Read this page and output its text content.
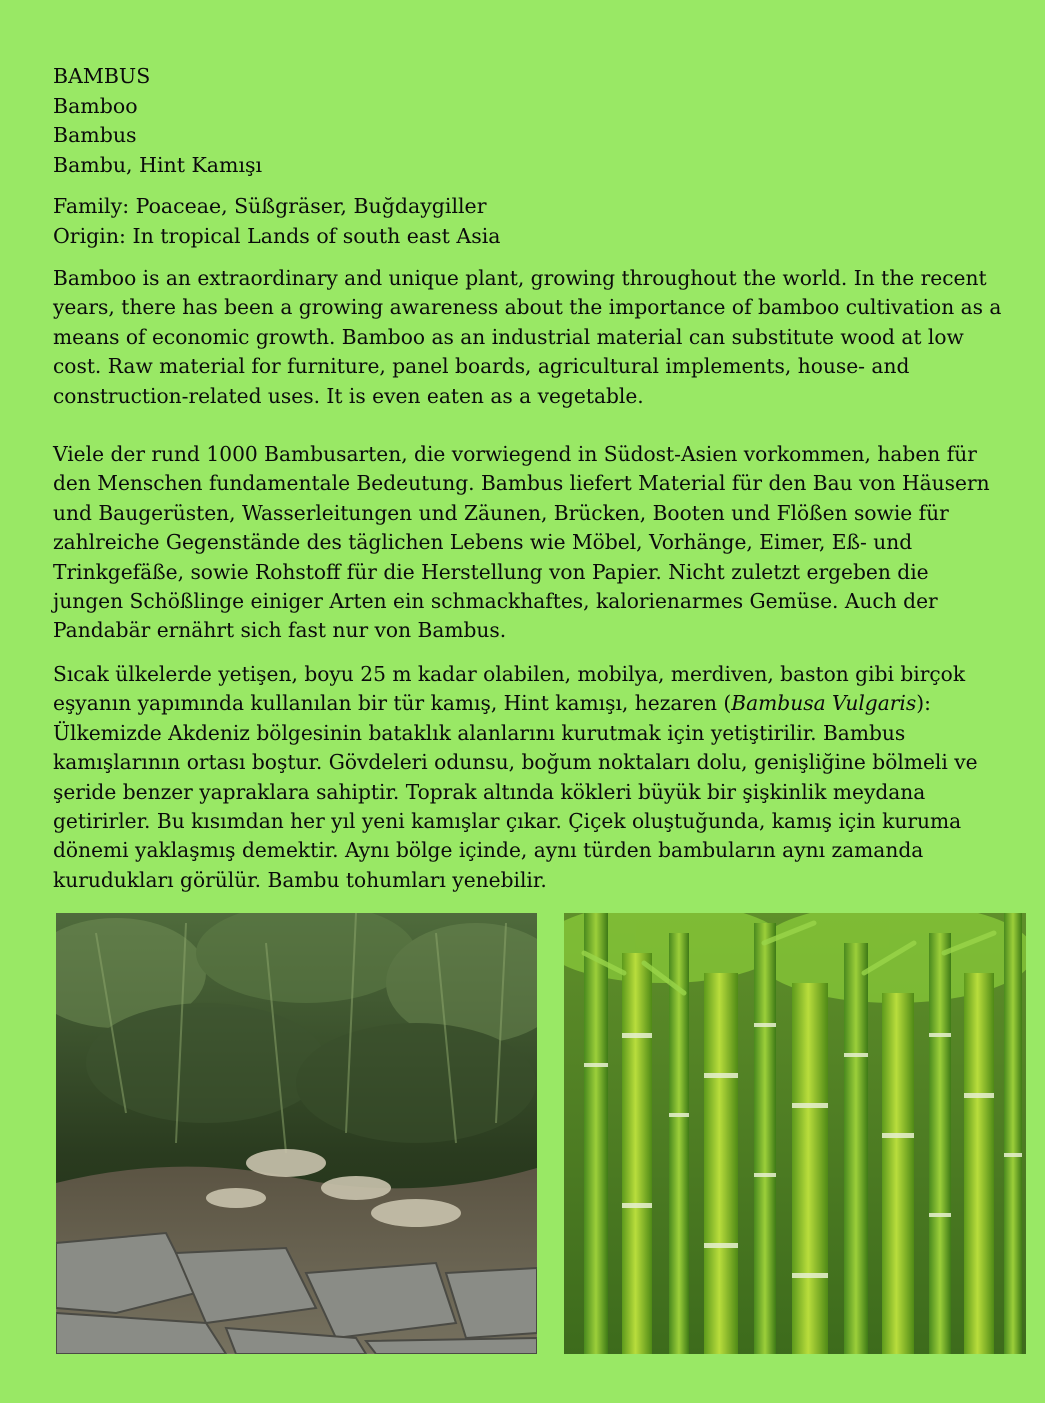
BAMBUS
Bamboo
Bambus
Bambu, Hint Kamışı
Family: Poaceae, Süßgräser, Buğdaygiller
Origin: In tropical Lands of south east Asia

Bamboo is an extraordinary and unique plant, growing throughout the world. In the recent years, there has been a growing awareness about the importance of bamboo cultivation as a means of economic growth. Bamboo as an industrial material can substitute wood at low cost. Raw material for furniture, panel boards, agricultural implements, house- and construction-related uses. It is even eaten as a vegetable.

Viele der rund 1000 Bambusarten, die vorwiegend in Südost-Asien vorkommen, haben für den Menschen fundamentale Bedeutung. Bambus liefert Material für den Bau von Häusern und Baugerüsten, Wasserleitungen und Zäunen, Brücken, Booten und Flößen sowie für zahlreiche Gegenstände des täglichen Lebens wie Möbel, Vorhänge, Eimer, Eß- und Trinkgefäße, sowie Rohstoff für die Herstellung von Papier. Nicht zuletzt ergeben die jungen Schößlinge einiger Arten ein schmackhaftes, kalorienarmes Gemüse. Auch der Pandabär ernährt sich fast nur von Bambus.

Sıcak ülkelerde yetişen, boyu 25 m kadar olabilen, mobilya, merdiven, baston gibi birçok eşyanın yapımında kullanılan bir tür kamış, Hint kamışı, hezaren (Bambusa Vulgaris): Ülkemizde Akdeniz bölgesinin bataklık alanlarını kurutmak için yetiştirilir. Bambus kamışlarının ortası boştur. Gövdeleri odunsu, boğum noktaları dolu, genişliğine bölmeli ve şeride benzer yapraklara sahiptir. Toprak altında kökleri büyük bir şişkinlik meydana getirirler. Bu kısımdan her yıl yeni kamışlar çıkar. Çiçek oluştuğunda, kamış için kuruma dönemi yaklaşmış demektir. Aynı bölge içinde, aynı türden bambuların aynı zamanda kurudukları görülür. Bambu tohumları yenebilir.
